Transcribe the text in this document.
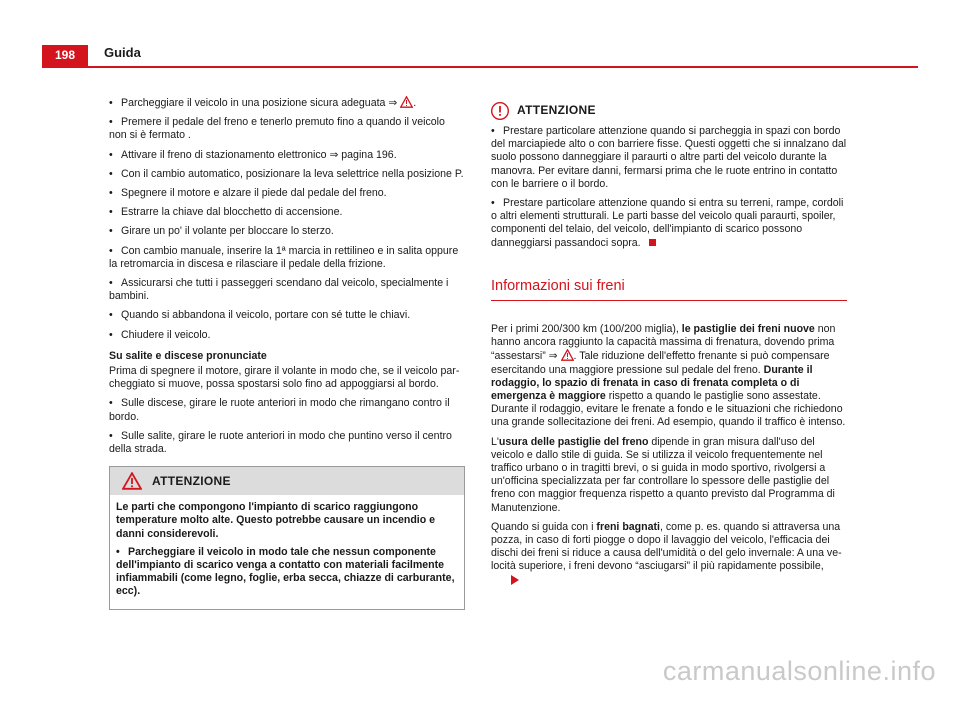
198 Guida

• Parcheggiare il veicolo in una posizione sicura adeguata ⇒ .

• Premere il pedale del freno e tenerlo premuto fino a quando il veicolo non si è fermato .

• Attivare il freno di stazionamento elettronico ⇒ pagina 196.

• Con il cambio automatico, posizionare la leva selettrice nella posizione P.

• Spegnere il motore e alzare il piede dal pedale del freno.

• Estrarre la chiave dal blocchetto di accensione.

• Girare un po' il volante per bloccare lo sterzo.

• Con cambio manuale, inserire la 1ª marcia in rettilineo e in salita oppure la retromarcia in discesa e rilasciare il pedale della frizione.

• Assicurarsi che tutti i passeggeri scendano dal veicolo, specialmente i bambini.

• Quando si abbandona il veicolo, portare con sé tutte le chiavi.

• Chiudere il veicolo.

Su salite e discese pronunciate

Prima di spegnere il motore, girare il volante in modo che, se il veicolo parcheggiato si muove, possa spostarsi solo fino ad appoggiarsi al bordo.

• Sulle discese, girare le ruote anteriori in modo che rimangano contro il bordo.

• Sulle salite, girare le ruote anteriori in modo che puntino verso il centro della strada.

ATTENZIONE

Le parti che compongono l'impianto di scarico raggiungono temperature molto alte. Questo potrebbe causare un incendio e danni considerevoli.

• Parcheggiare il veicolo in modo tale che nessun componente dell'impianto di scarico venga a contatto con materiali facilmente infiammabili (come legno, foglie, erba secca, chiazze di carburante, ecc).

ATTENZIONE

• Prestare particolare attenzione quando si parcheggia in spazi con bordo del marciapiede alto o con barriere fisse. Questi oggetti che si innalzano dal suolo possono danneggiare il paraurti o altre parti del veicolo durante la manovra. Per evitare danni, fermarsi prima che le ruote entrino in contatto con le barriere o il bordo.

• Prestare particolare attenzione quando si entra su terreni, rampe, cordoli o altri elementi strutturali. Le parti basse del veicolo quali paraurti, spoiler, componenti del telaio, del veicolo, dell'impianto di scarico possono danneggiarsi passandoci sopra.

Informazioni sui freni

Per i primi 200/300 km (100/200 miglia), le pastiglie dei freni nuove non hanno ancora raggiunto la capacità massima di frenatura, dovendo prima “assestarsi” ⇒ . Tale riduzione dell'effetto frenante si può compensare esercitando una maggiore pressione sul pedale del freno. Durante il rodaggio, lo spazio di frenata in caso di frenata completa o di emergenza è maggiore rispetto a quando le pastiglie sono assestate. Durante il rodaggio, evitare le frenate a fondo e le situazioni che richiedono una grande sollecitazione dei freni. Ad esempio, quando il traffico è intenso.

L'usura delle pastiglie del freno dipende in gran misura dall'uso del veicolo e dallo stile di guida. Se si utilizza il veicolo frequentemente nel traffico urbano o in tragitti brevi, o si guida in modo sportivo, rivolgersi a un'officina specializzata per far controllare lo spessore delle pastiglie del freno con maggior frequenza rispetto a quanto previsto dal Programma di Manutenzione.

Quando si guida con i freni bagnati, come p. es. quando si attraversa una pozza, in caso di forti piogge o dopo il lavaggio del veicolo, l'efficacia dei dischi dei freni si riduce a causa dell'umidità o del gelo invernale: A una velocità superiore, i freni devono “asciugarsi” il più rapidamente possibile,

carmanualsonline.info
